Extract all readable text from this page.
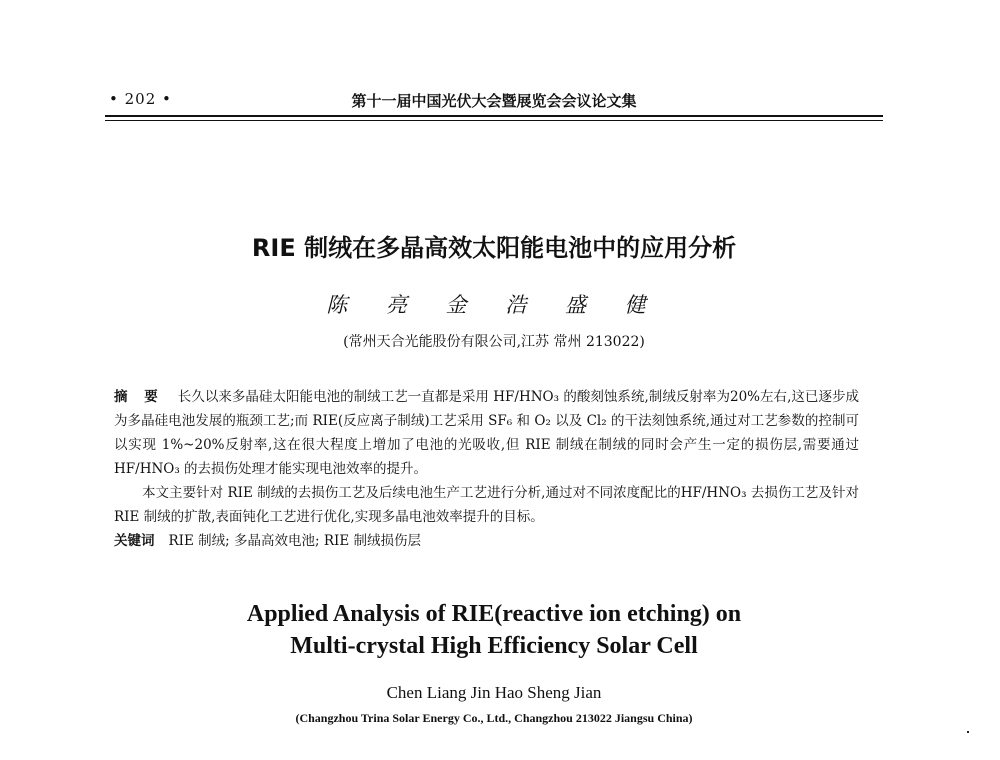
• 202 •	第十一届中国光伏大会暨展览会会议论文集
RIE 制绒在多晶高效太阳能电池中的应用分析
陈 亮 金 浩 盛 健
(常州天合光能股份有限公司,江苏 常州 213022)

摘 要 长久以来多晶硅太阳能电池的制绒工艺一直都是采用 HF/HNO₃ 的酸刻蚀系统,制绒反射率为20%左右,这已逐步成为多晶硅电池发展的瓶颈工艺;而 RIE(反应离子制绒)工艺采用 SF₆ 和 O₂ 以及 Cl₂ 的干法刻蚀系统,通过对工艺参数的控制可以实现 1%~20%反射率,这在很大程度上增加了电池的光吸收,但 RIE 制绒在制绒的同时会产生一定的损伤层,需要通过 HF/HNO₃ 的去损伤处理才能实现电池效率的提升。

本文主要针对 RIE 制绒的去损伤工艺及后续电池生产工艺进行分析,通过对不同浓度配比的HF/HNO₃ 去损伤工艺及针对 RIE 制绒的扩散,表面钝化工艺进行优化,实现多晶电池效率提升的目标。

关键词 RIE 制绒; 多晶高效电池; RIE 制绒损伤层

Applied Analysis of RIE(reactive ion etching) on
Multi-crystal High Efficiency Solar Cell
Chen Liang Jin Hao Sheng Jian
(Changzhou Trina Solar Energy Co., Ltd., Changzhou 213022 Jiangsu China)
